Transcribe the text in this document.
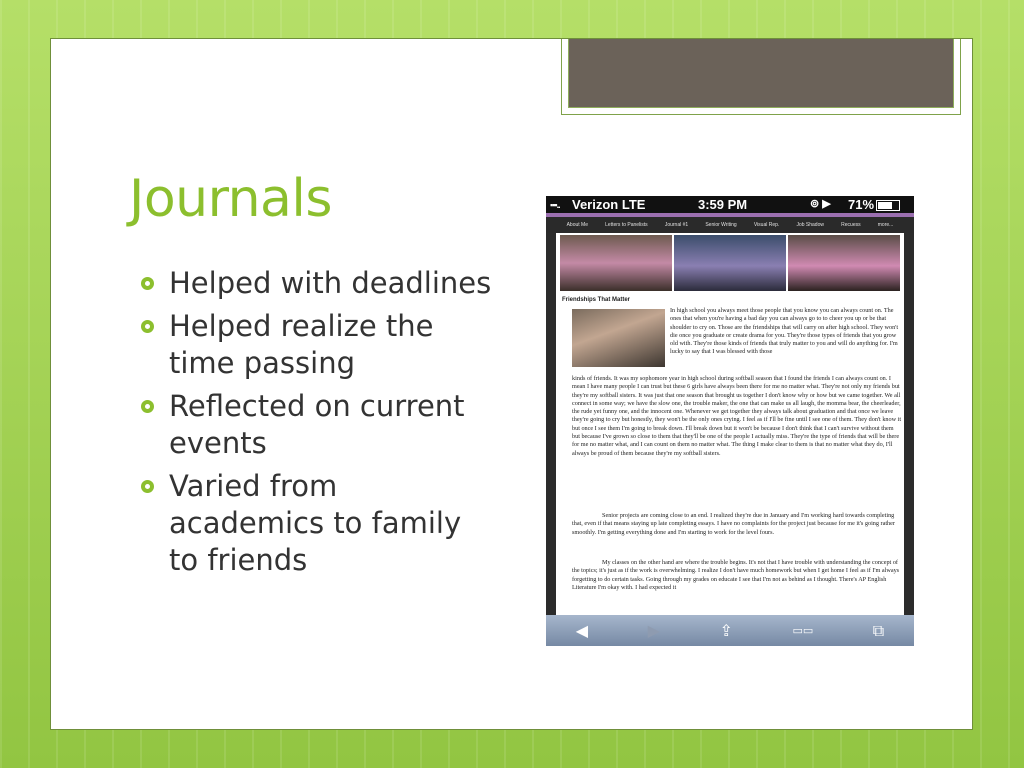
Journals
Helped with deadlines
Helped realize the time passing
Reflected on current events
Varied from academics to family to friends
▪▪▪.. Verizon LTE	3:59 PM	⊚ ▶ 71%
About Me	Letters to Panelists	Journal #1	Senior Writing	Visual Rep.	Job Shadow	Recuess	more...
Friendships That Matter

In high school you always meet those people that you know you can always count on. The ones that when you're having a bad day you can always go to to cheer you up or be that shoulder to cry on. Those are the friendships that will carry on after high school. They won't die once you graduate or create drama for you. They're those types of friends that you grow old with. They're those kinds of friends that truly matter to you and will do anything for. I'm lucky to say that I was blessed with those

kinds of friends. It was my sophomore year in high school during softball season that I found the friends I can always count on. I mean I have many people I can trust but these 6 girls have always been there for me no matter what. They're not only my friends but they're my softball sisters. It was just that one season that brought us together I don't know why or how but we came together. We all connect in some way; we have the slow one, the trouble maker, the one that can make us all laugh, the momma bear, the cheerleader, the rude yet funny one, and the innocent one. Whenever we get together they always talk about graduation and that once we leave they're going to cry but honestly, they won't be the only ones crying. I feel as if I'll be fine until I see one of them. They don't know it but once I see them I'm going to break down. I'll break down but it won't be because I don't think that I can't survive without them but because I've grown so close to them that they'll be one of the people I actually miss. They're the type of friends that will be there for me no matter what, and I can count on them no matter what. The thing I make clear to them is that no matter what they do, I'll always be proud of them because they're my softball sisters.

Senior projects are coming close to an end. I realized they're due in January and I'm working hard towards completing that, even if that means staying up late completing essays. I have no complaints for the project just because for me it's going rather smoothly. I'm getting everything done and I'm starting to work for the level fours.

My classes on the other hand are where the trouble begins. It's not that I have trouble with understanding the concept of the topics; it's just as if the work is overwhelming. I realize I don't have much homework but when I get home I feel as if I'm always forgetting to do certain tasks. Going through my grades on educate I see that I'm not as behind as I thought. There's AP English Literature I'm okay with. I had expected it

◀	▶	⇪	▭▭	⧉
